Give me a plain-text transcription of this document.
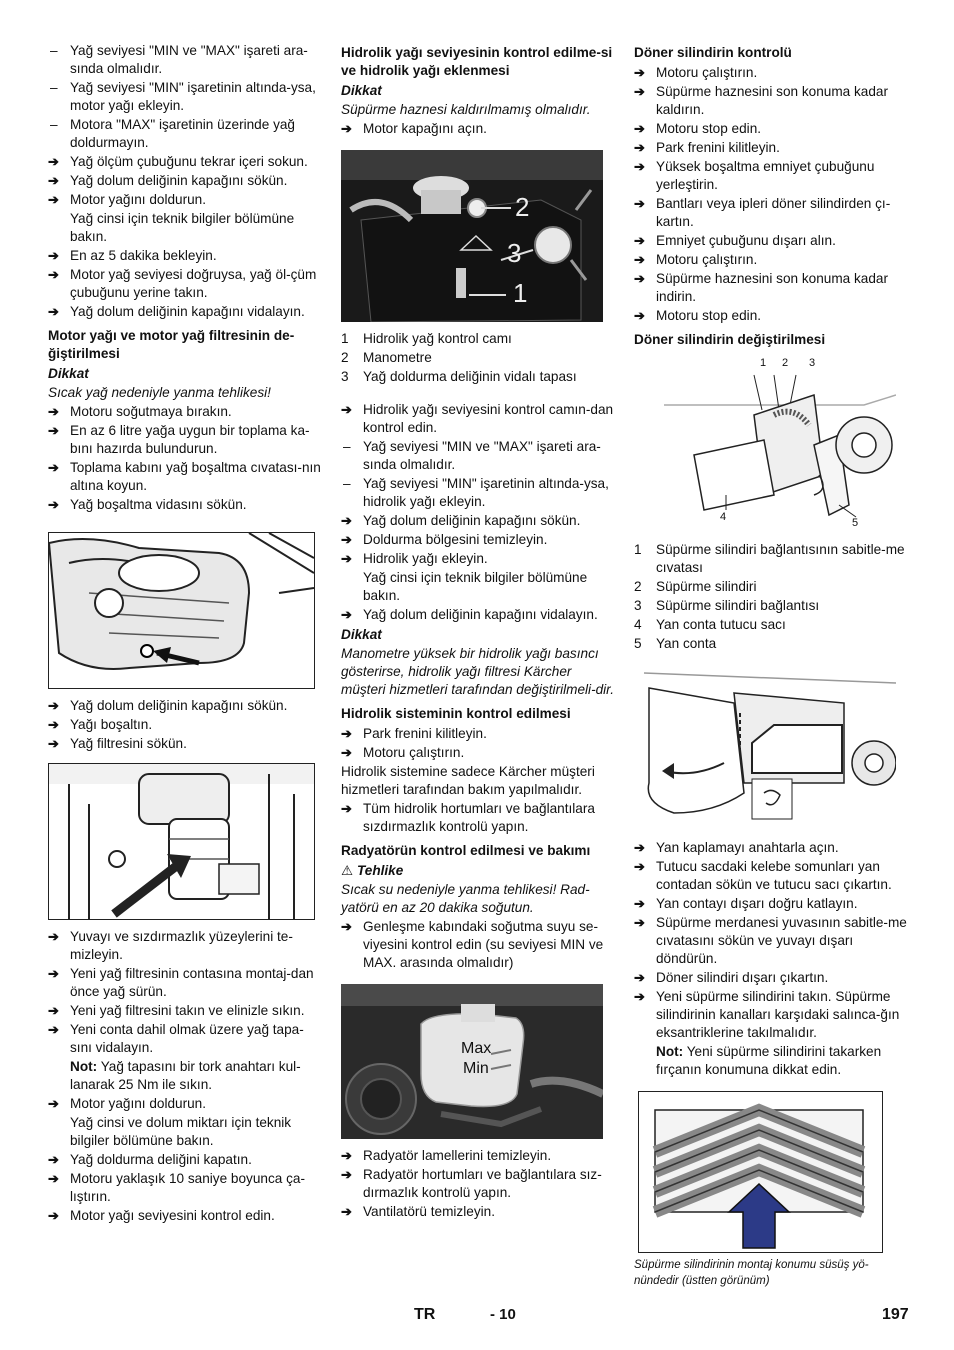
– Yağ seviyesi "MIN ve "MAX" işareti ara-sında olmalıdır.
– Yağ seviyesi "MIN" işaretinin altında-ysa, motor yağı ekleyin.
– Motora "MAX" işaretinin üzerinde yağ doldurmayın.
➔ Yağ ölçüm çubuğunu tekrar içeri sokun.
➔ Yağ dolum deliğinin kapağını sökün.
➔ Motor yağını doldurun.
Yağ cinsi için teknik bilgiler bölümüne bakın.
➔ En az 5 dakika bekleyin.
➔ Motor yağ seviyesi doğruysa, yağ öl-çüm çubuğunu yerine takın.
➔ Yağ dolum deliğinin kapağını vidalayın.
Motor yağı ve motor yağ filtresinin de-ğiştirilmesi
Dikkat
Sıcak yağ nedeniyle yanma tehlikesi!
➔ Motoru soğutmaya bırakın.
➔ En az 6 litre yağa uygun bir toplama ka-bını hazırda bulundurun.
➔ Toplama kabını yağ boşaltma cıvatası-nın altına koyun.
➔ Yağ boşaltma vidasını sökün.
➔ Yağ dolum deliğinin kapağını sökün.
➔ Yağı boşaltın.
➔ Yağ filtresini sökün.
➔ Yuvayı ve sızdırmazlık yüzeylerini te-mizleyin.
➔ Yeni yağ filtresinin contasına montaj-dan önce yağ sürün.
➔ Yeni yağ filtresini takın ve elinizle sıkın.
➔ Yeni conta dahil olmak üzere yağ tapa-sını vidalayın.
Not: Yağ tapasını bir tork anahtarı kul-lanarak 25 Nm ile sıkın.
➔ Motor yağını doldurun.
Yağ cinsi ve dolum miktarı için teknik bilgiler bölümüne bakın.
➔ Yağ doldurma deliğini kapatın.
➔ Motoru yaklaşık 10 saniye boyunca ça-lıştırın.
➔ Motor yağı seviyesini kontrol edin.
Hidrolik yağı seviyesinin kontrol edilme-si ve hidrolik yağı eklenmesi
Dikkat
Süpürme haznesi kaldırılmamış olmalıdır.
➔ Motor kapağını açın.
2
3
1
1 Hidrolik yağ kontrol camı
2 Manometre
3 Yağ doldurma deliğinin vidalı tapası
➔ Hidrolik yağı seviyesini kontrol camın-dan kontrol edin.
– Yağ seviyesi "MIN ve "MAX" işareti ara-sında olmalıdır.
– Yağ seviyesi "MIN" işaretinin altında-ysa, hidrolik yağı ekleyin.
➔ Yağ dolum deliğinin kapağını sökün.
➔ Doldurma bölgesini temizleyin.
➔ Hidrolik yağı ekleyin.
Yağ cinsi için teknik bilgiler bölümüne bakın.
➔ Yağ dolum deliğinin kapağını vidalayın.
Dikkat
Manometre yüksek bir hidrolik yağı basıncı gösterirse, hidrolik yağı filtresi Kärcher müşteri hizmetleri tarafından değiştirilmeli-dir.
Hidrolik sisteminin kontrol edilmesi
➔ Park frenini kilitleyin.
➔ Motoru çalıştırın.
Hidrolik sistemine sadece Kärcher müşteri hizmetleri tarafından bakım yapılmalıdır.
➔ Tüm hidrolik hortumları ve bağlantılara sızdırmazlık kontrolü yapın.
Radyatörün kontrol edilmesi ve bakımı
⚠ Tehlike
Sıcak su nedeniyle yanma tehlikesi! Rad-yatörü en az 20 dakika soğutun.
➔ Genleşme kabındaki soğutma suyu se-viyesini kontrol edin (su seviyesi MIN ve MAX. arasında olmalıdır)
Max
Min
➔ Radyatör lamellerini temizleyin.
➔ Radyatör hortumları ve bağlantılara sız-dırmazlık kontrolü yapın.
➔ Vantilatörü temizleyin.
Döner silindirin kontrolü
➔ Motoru çalıştırın.
➔ Süpürme haznesini son konuma kadar kaldırın.
➔ Motoru stop edin.
➔ Park frenini kilitleyin.
➔ Yüksek boşaltma emniyet çubuğunu yerleştirin.
➔ Bantları veya ipleri döner silindirden çı-kartın.
➔ Emniyet çubuğunu dışarı alın.
➔ Motoru çalıştırın.
➔ Süpürme haznesini son konuma kadar indirin.
➔ Motoru stop edin.
Döner silindirin değiştirilmesi
1 2 3
4	5
1 Süpürme silindiri bağlantısının sabitle-me cıvatası
2 Süpürme silindiri
3 Süpürme silindiri bağlantısı
4 Yan conta tutucu sacı
5 Yan conta
➔ Yan kaplamayı anahtarla açın.
➔ Tutucu sacdaki kelebe somunları yan contadan sökün ve tutucu sacı çıkartın.
➔ Yan contayı dışarı doğru katlayın.
➔ Süpürme merdanesi yuvasının sabitle-me cıvatasını sökün ve yuvayı dışarı döndürün.
➔ Döner silindiri dışarı çıkartın.
➔ Yeni süpürme silindirini takın. Süpürme silindirinin kanalları karşıdaki salınca-ğın eksantriklerine takılmalıdır.
Not: Yeni süpürme silindirini takarken fırçanın konumuna dikkat edin.
Süpürme silindirinin montaj konumu süsüş yö-nündedir (üstten görünüm)
TR	- 10	197
